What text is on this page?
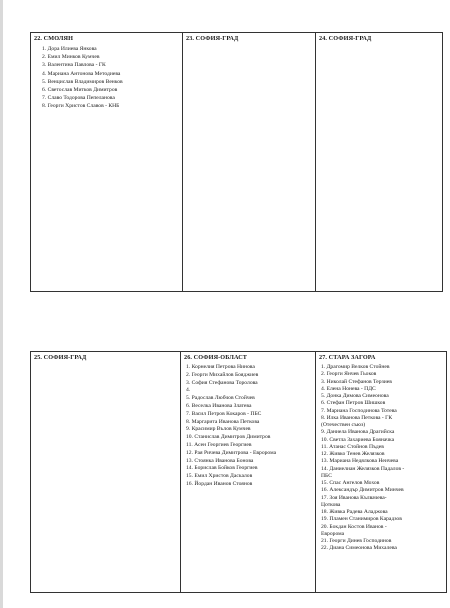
22. СМОЛЯН
1. Дора Илиева Янкова
2. Емил Минков Кумчев
3. Валентина Павлова - ГК
4. Мариана Антонова Методиева
5. Венцислав Владимиров Венков
6. Светослав Митков Димитров
7. Славо Тодорова Пепеланова
8. Георги Христов Славов - КНБ

23. СОФИЯ-ГРАД	24. СОФИЯ-ГРАД
25. СОФИЯ-ГРАД	26. СОФИЯ-ОБЛАСТ
1. Корнелия Петрова Нинова
2. Георги Михайлов Бояджиев
3. София Стефанова Торолова
4.
5. Радослав Любчов Стойчев
6. Веселка Иванова Златева
7. Васил Петров Кокаров - ПБС
8. Маргарита Иванова Петкова
9. Красимир Вълов Кумчев
10. Станислав Димитров Димитров
11. Асен Георгиев Георгиев
12. Рая Ричева Димитрова - Евророма
13. Стоянка Иванова Бонова
14. Борислав Бойков Георгиев
15. Емил Христов Даскалов
16. Йордан Иванов Стоянов

27. СТАРА ЗАГОРА
1. Драгомир Велков Стойнев
2. Георги Янчев Гьоков
3. Николай Стефанов Терзиев
4. Елена Нонева - ПДС
5. Донка Димова Симеонова
6. Стефан Петров Шишков
7. Мариана Господинова Тотева
8. Илка Иванова Петкова - ГК
(Отечествен съюз)
9. Даниела Иванова Драгийска
10. Светла Захариева Бояначка
11. Атанас Стойнов Пъдев
12. Живко Тенев Желязков
13. Мариана Недялкова Неичева
14. Даниелиан Желязков Падалов -
ПБС
15. Спас Ангелов Мохов
16. Александър Димитров Минчев
17. Зоя Иванова Кълвачева-
Цоткова
18. Живка Радева Аладжова
19. Пламен Станимиров Карадзов
20. Бокдан Костов Иванов -
Евророма
21. Георги Динев Господинов
22. Диана Симеонова Михалева
